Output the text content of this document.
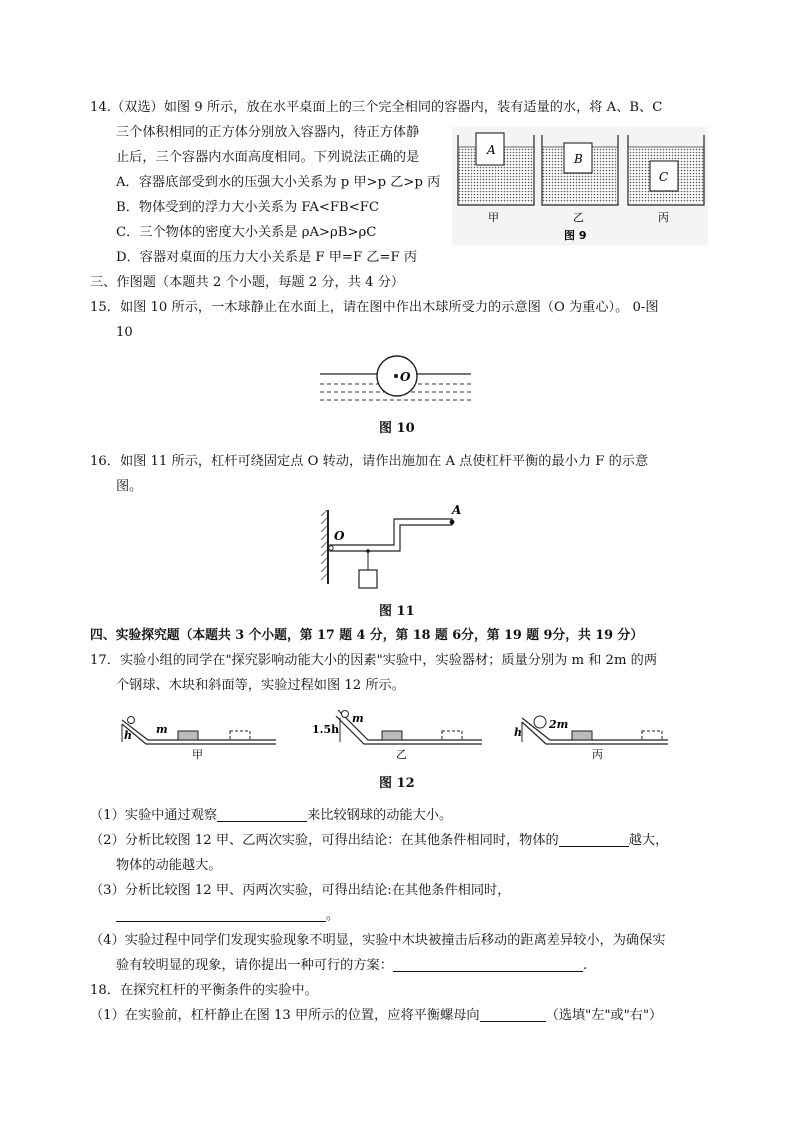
14.（双选）如图 9 所示，放在水平桌面上的三个完全相同的容器内，装有适量的水，将 A、B、C
三个体积相同的正方体分别放入容器内，待正方体静
止后，三个容器内水面高度相同。下列说法正确的是
A．容器底部受到水的压强大小关系为 p 甲>p 乙>p 丙
B．物体受到的浮力大小关系为 FA<FB<FC
C．三个物体的密度大小关系是 ρA>ρB>ρC
D．容器对桌面的压力大小关系是 F 甲=F 乙=F 丙
A
B
C
甲	乙	丙
图 9
三、作图题（本题共 2 个小题，每题 2 分，共 4 分）
15．如图 10 所示，一木球静止在水面上，请在图中作出木球所受力的示意图（O 为重心）。 0-图
10
O
图 10
16．如图 11 所示，杠杆可绕固定点 O 转动，请作出施加在 A 点使杠杆平衡的最小力 F 的示意
图。
O
A
图 11
四、实验探究题（本题共 3 个小题，第 17 题 4 分，第 18 题 6分，第 19 题 9分，共 19 分）
17．实验小组的同学在"探究影响动能大小的因素"实验中，实验器材；质量分别为 m 和 2m 的两
个钢球、木块和斜面等，实验过程如图 12 所示。
h m
甲
1.5h
m
乙
h
2m
丙
图 12
（1）实验中通过观察	来比较钢球的动能大小。
（2）分析比较图 12 甲、乙两次实验，可得出结论：在其他条件相同时，物体的	越大，
物体的动能越大。
（3）分析比较图 12 甲、丙两次实验，可得出结论:在其他条件相同时，
。
（4）实验过程中同学们发现实验现象不明显，实验中木块被撞击后移动的距离差异较小，为确保实
验有较明显的现象，请你提出一种可行的方案：	.
18．在探究杠杆的平衡条件的实验中。
（1）在实验前，杠杆静止在图 13 甲所示的位置，应将平衡螺母向	（选填"左"或"右"）
